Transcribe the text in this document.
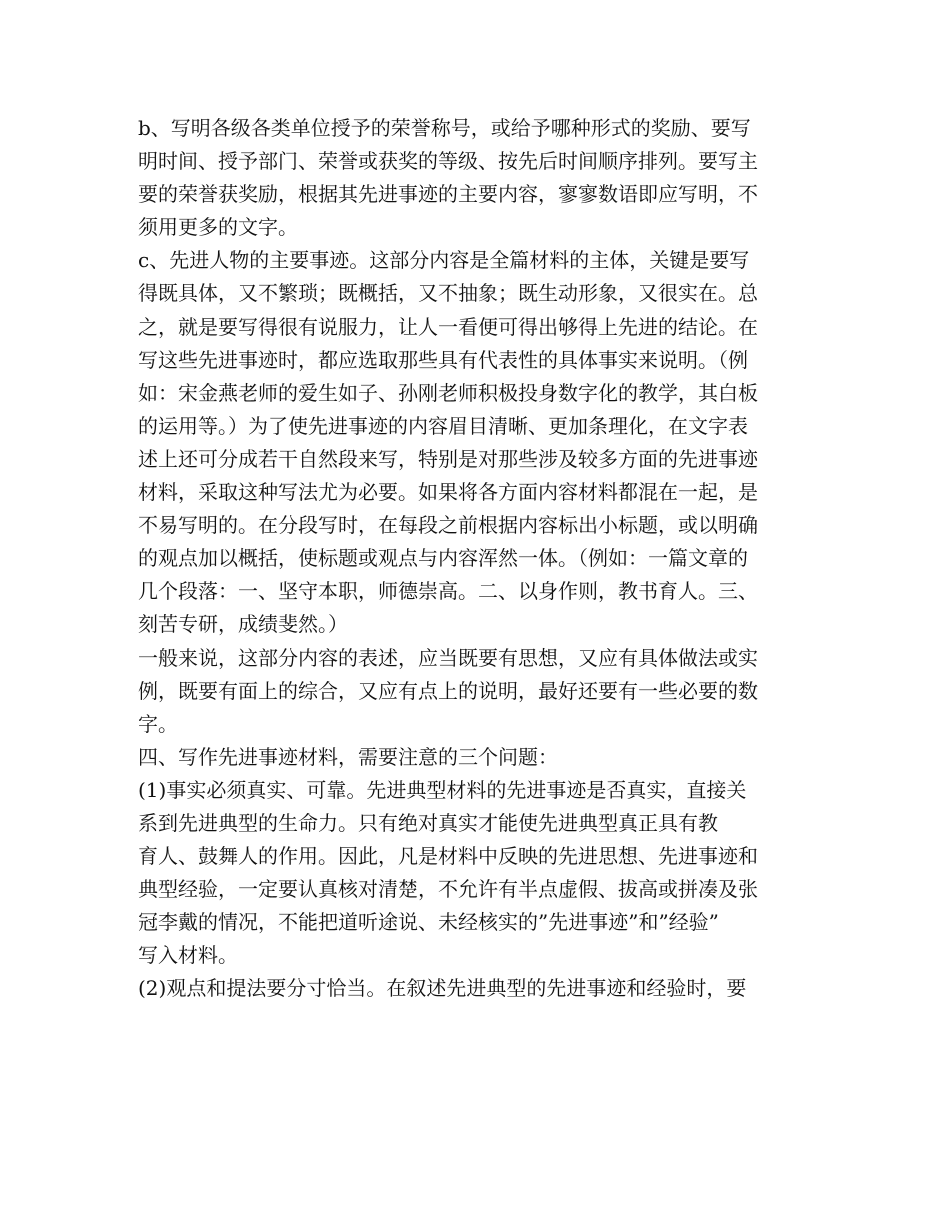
b、写明各级各类单位授予的荣誉称号，或给予哪种形式的奖励、要写
明时间、授予部门、荣誉或获奖的等级、按先后时间顺序排列。要写主
要的荣誉获奖励，根据其先进事迹的主要内容，寥寥数语即应写明，不
须用更多的文字。
c、先进人物的主要事迹。这部分内容是全篇材料的主体，关键是要写
得既具体，又不繁琐；既概括，又不抽象；既生动形象，又很实在。总
之，就是要写得很有说服力，让人一看便可得出够得上先进的结论。在
写这些先进事迹时，都应选取那些具有代表性的具体事实来说明。（例
如：宋金燕老师的爱生如子、孙刚老师积极投身数字化的教学，其白板
的运用等。）为了使先进事迹的内容眉目清晰、更加条理化，在文字表
述上还可分成若干自然段来写，特别是对那些涉及较多方面的先进事迹
材料，采取这种写法尤为必要。如果将各方面内容材料都混在一起，是
不易写明的。在分段写时，在每段之前根据内容标出小标题，或以明确
的观点加以概括，使标题或观点与内容浑然一体。（例如：一篇文章的
几个段落：一、坚守本职，师德崇高。二、以身作则，教书育人。三、
刻苦专研，成绩斐然。）
一般来说，这部分内容的表述，应当既要有思想，又应有具体做法或实
例，既要有面上的综合，又应有点上的说明，最好还要有一些必要的数
字。
四、写作先进事迹材料，需要注意的三个问题：
(1)事实必须真实、可靠。先进典型材料的先进事迹是否真实，直接关
系到先进典型的生命力。只有绝对真实才能使先进典型真正具有教
育人、鼓舞人的作用。因此，凡是材料中反映的先进思想、先进事迹和
典型经验，一定要认真核对清楚，不允许有半点虚假、拔高或拼凑及张
冠李戴的情况，不能把道听途说、未经核实的”先进事迹”和”经验”
写入材料。
(2)观点和提法要分寸恰当。在叙述先进典型的先进事迹和经验时，要
